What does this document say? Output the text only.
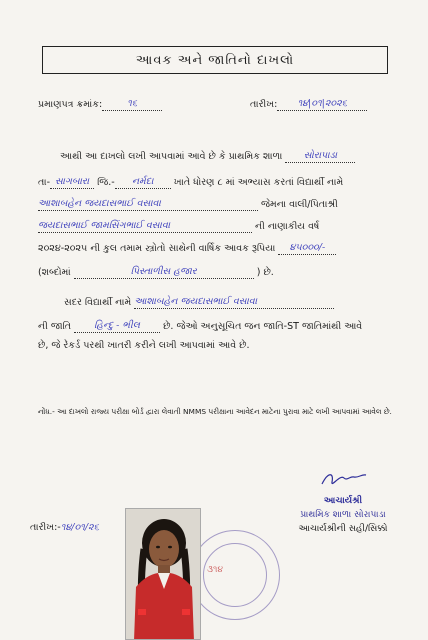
આવક અને જાતિનો દાખલો
પ્રમાણપત્ર ક્રમાંક:	૧૬	તારીખ: ૧૪|૦૧|૨૦૨૬
આથી આ દાખલો લખી આપવામાં આવે છે કે પ્રાથમિક શાળા સોરાપાડા
તા- સાગબારા જિ.- નર્મદા ખાતે ધોરણ ૮ માં અભ્યાસ કરતાં વિદ્યાર્થી નામે
આશાબહેન જયદાસભાઈ વસાવા	જેમના વાલી/પિતાશ્રી
જયદાસભાઈ જામસિંગભાઈ વસાવા	ની નાણાકીય વર્ષ
૨૦૨૪-૨૦૨૫ ની કુલ તમામ સ્ત્રોતો સાથેની વાર્ષિક આવક રૂપિયા ૪૫૦૦૦/-
(શબ્દોમાં	પિસ્તાળીસ હજાર	) છે.
સદર વિદ્યાર્થી નામે આશાબહેન જયદાસભાઈ વસાવા
ની જાતિ હિન્દુ - ભીલ છે. જેઓ અનુસૂચિત જન જાતિ-ST જાતિમાંથી આવે
છે, જે રેકર્ડ પરથી ખાતરી કરીને લખી આપવામાં આવે છે.
નોંધ.- આ દાખલો રાજ્ય પરીક્ષા બોર્ડ દ્વારા લેવાતી NMMS પરીક્ષાના આવેદન માટેના પુરાવા માટે લખી આપવામાં આવેલ છે.
આચાર્યશ્રી
પ્રાથમિક શાળા સોરાપાડા
આચાર્યશ્રીની સહી/સિક્કો
તારીખ:-૧૪/૦૧/૨૬
૩૧૪
